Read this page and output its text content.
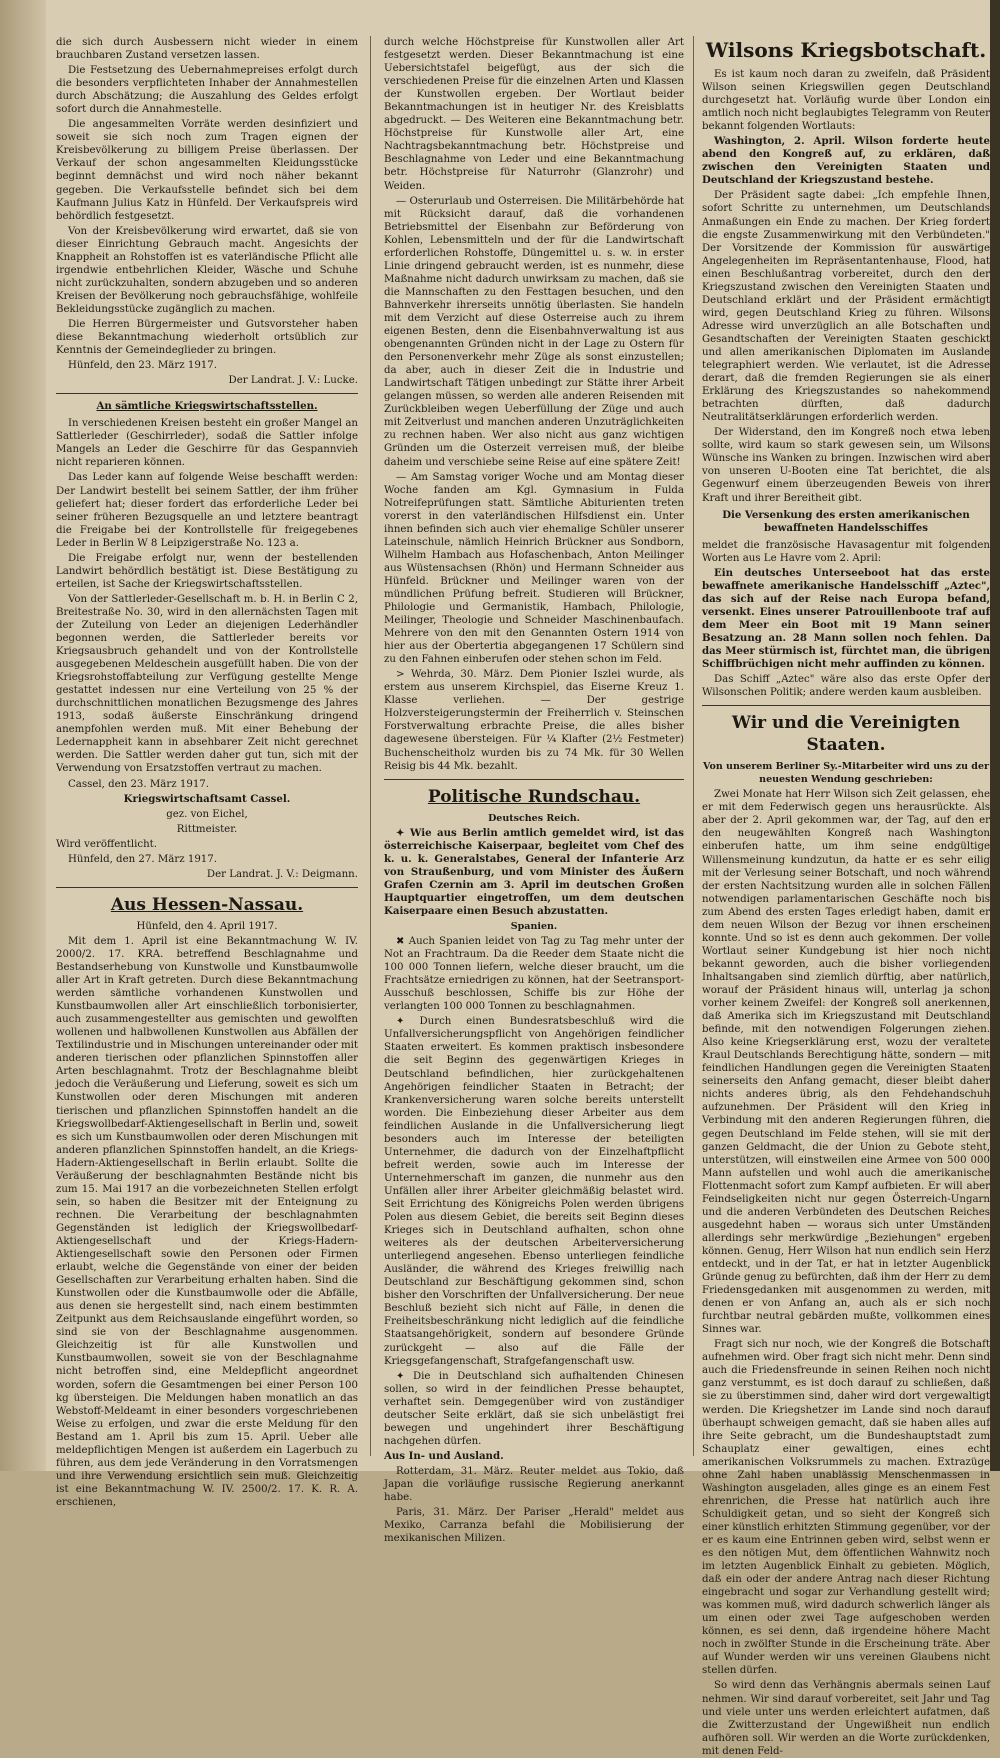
die sich durch Ausbessern nicht wieder in einem brauchbaren Zustand versetzen lassen.

Die Festsetzung des Uebernahmepreises erfolgt durch die besonders verpflichteten Inhaber der Annahmestellen durch Abschätzung; die Auszahlung des Geldes erfolgt sofort durch die Annahmestelle.

Die angesammelten Vorräte werden desinfiziert und soweit sie sich noch zum Tragen eignen der Kreisbevölkerung zu billigem Preise überlassen. Der Verkauf der schon angesammelten Kleidungsstücke beginnt demnächst und wird noch näher bekannt gegeben. Die Verkaufsstelle befindet sich bei dem Kaufmann Julius Katz in Hünfeld. Der Verkaufspreis wird behördlich festgesetzt.

Von der Kreisbevölkerung wird erwartet, daß sie von dieser Einrichtung Gebrauch macht. Angesichts der Knappheit an Rohstoffen ist es vaterländische Pflicht alle irgendwie entbehrlichen Kleider, Wäsche und Schuhe nicht zurückzuhalten, sondern abzugeben und so anderen Kreisen der Bevölkerung noch gebrauchsfähige, wohlfeile Bekleidungsstücke zugänglich zu machen.

Die Herren Bürgermeister und Gutsvorsteher haben diese Bekanntmachung wiederholt ortsüblich zur Kenntnis der Gemeindeglieder zu bringen.

Hünfeld, den 23. März 1917.

Der Landrat. J. V.: Lucke.

An sämtliche Kriegswirtschaftsstellen.

In verschiedenen Kreisen besteht ein großer Mangel an Sattlerleder (Geschirrleder), sodaß die Sattler infolge Mangels an Leder die Geschirre für das Gespannvieh nicht reparieren können.

Das Leder kann auf folgende Weise beschafft werden: Der Landwirt bestellt bei seinem Sattler, der ihm früher geliefert hat; dieser fordert das erforderliche Leder bei seiner früheren Bezugsquelle an und letztere beantragt die Freigabe bei der Kontrollstelle für freigegebenes Leder in Berlin W 8 Leipzigerstraße No. 123 a.

Die Freigabe erfolgt nur, wenn der bestellenden Landwirt behördlich bestätigt ist. Diese Bestätigung zu erteilen, ist Sache der Kriegswirtschaftsstellen.

Von der Sattlerleder-Gesellschaft m. b. H. in Berlin C 2, Breitestraße No. 30, wird in den allernächsten Tagen mit der Zuteilung von Leder an diejenigen Lederhändler begonnen werden, die Sattlerleder bereits vor Kriegsausbruch gehandelt und von der Kontrollstelle ausgegebenen Meldeschein ausgefüllt haben. Die von der Kriegsrohstoffabteilung zur Verfügung gestellte Menge gestattet indessen nur eine Verteilung von 25 % der durchschnittlichen monatlichen Bezugsmenge des Jahres 1913, sodaß äußerste Einschränkung dringend anempfohlen werden muß. Mit einer Behebung der Ledernappheit kann in absehbarer Zeit nicht gerechnet werden. Die Sattler werden daher gut tun, sich mit der Verwendung von Ersatzstoffen vertraut zu machen.

Cassel, den 23. März 1917.

Kriegswirtschaftsamt Cassel.

gez. von Eichel,

Rittmeister.

Wird veröffentlicht.

Hünfeld, den 27. März 1917.

Der Landrat. J. V.: Deigmann.

Aus Hessen-Nassau.

Hünfeld, den 4. April 1917.

Mit dem 1. April ist eine Bekanntmachung W. IV. 2000/2. 17. KRA. betreffend Beschlagnahme und Bestandserhebung von Kunstwolle und Kunstbaumwolle aller Art in Kraft getreten. Durch diese Bekanntmachung werden sämtliche vorhandenen Kunstwollen und Kunstbaumwollen aller Art einschließlich torbonisierter, auch zusammengestellter aus gemischten und gewolften wollenen und halbwollenen Kunstwollen aus Abfällen der Textilindustrie und in Mischungen untereinander oder mit anderen tierischen oder pflanzlichen Spinnstoffen aller Arten beschlagnahmt. Trotz der Beschlagnahme bleibt jedoch die Veräußerung und Lieferung, soweit es sich um Kunstwollen oder deren Mischungen mit anderen tierischen und pflanzlichen Spinnstoffen handelt an die Kriegswollbedarf-Aktiengesellschaft in Berlin und, soweit es sich um Kunstbaumwollen oder deren Mischungen mit anderen pflanzlichen Spinnstoffen handelt, an die Kriegs-Hadern-Aktiengesellschaft in Berlin erlaubt. Sollte die Veräußerung der beschlagnahmten Bestände nicht bis zum 15. Mai 1917 an die vorbezeichneten Stellen erfolgt sein, so haben die Besitzer mit der Enteignung zu rechnen. Die Verarbeitung der beschlagnahmten Gegenständen ist lediglich der Kriegswollbedarf-Aktiengesellschaft und der Kriegs-Hadern-Aktiengesellschaft sowie den Personen oder Firmen erlaubt, welche die Gegenstände von einer der beiden Gesellschaften zur Verarbeitung erhalten haben. Sind die Kunstwollen oder die Kunstbaumwolle oder die Abfälle, aus denen sie hergestellt sind, nach einem bestimmten Zeitpunkt aus dem Reichsauslande eingeführt worden, so sind sie von der Beschlagnahme ausgenommen. Gleichzeitig ist für alle Kunstwollen und Kunstbaumwollen, soweit sie von der Beschlagnahme nicht betroffen sind, eine Meldepflicht angeordnet worden, sofern die Gesamtmengen bei einer Person 100 kg übersteigen. Die Meldungen haben monatlich an das Webstoff-Meldeamt in einer besonders vorgeschriebenen Weise zu erfolgen, und zwar die erste Meldung für den Bestand am 1. April bis zum 15. April. Ueber alle meldepflichtigen Mengen ist außerdem ein Lagerbuch zu führen, aus dem jede Veränderung in den Vorratsmengen und ihre Verwendung ersichtlich sein muß. Gleichzeitig ist eine Bekanntmachung W. IV. 2500/2. 17. K. R. A. erschienen,

durch welche Höchstpreise für Kunstwollen aller Art festgesetzt werden. Dieser Bekanntmachung ist eine Uebersichtstafel beigefügt, aus der sich die verschiedenen Preise für die einzelnen Arten und Klassen der Kunstwollen ergeben. Der Wortlaut beider Bekanntmachungen ist in heutiger Nr. des Kreisblatts abgedruckt. — Des Weiteren eine Bekanntmachung betr. Höchstpreise für Kunstwolle aller Art, eine Nachtragsbekanntmachung betr. Höchstpreise und Beschlagnahme von Leder und eine Bekanntmachung betr. Höchstpreise für Naturrohr (Glanzrohr) und Weiden.

— Osterurlaub und Osterreisen. Die Militärbehörde hat mit Rücksicht darauf, daß die vorhandenen Betriebsmittel der Eisenbahn zur Beförderung von Kohlen, Lebensmitteln und der für die Landwirtschaft erforderlichen Rohstoffe, Düngemittel u. s. w. in erster Linie dringend gebraucht werden, ist es nunmehr, diese Maßnahme nicht dadurch unwirksam zu machen, daß sie die Mannschaften zu den Festtagen besuchen, und den Bahnverkehr ihrerseits unnötig überlasten. Sie handeln mit dem Verzicht auf diese Osterreise auch zu ihrem eigenen Besten, denn die Eisenbahnverwaltung ist aus obengenannten Gründen nicht in der Lage zu Ostern für den Personenverkehr mehr Züge als sonst einzustellen; da aber, auch in dieser Zeit die in Industrie und Landwirtschaft Tätigen unbedingt zur Stätte ihrer Arbeit gelangen müssen, so werden alle anderen Reisenden mit Zurückbleiben wegen Ueberfüllung der Züge und auch mit Zeitverlust und manchen anderen Unzuträglichkeiten zu rechnen haben. Wer also nicht aus ganz wichtigen Gründen um die Osterzeit verreisen muß, der bleibe daheim und verschiebe seine Reise auf eine spätere Zeit!

— Am Samstag voriger Woche und am Montag dieser Woche fanden am Kgl. Gymnasium in Fulda Notreifeprüfungen statt. Sämtliche Abiturienten treten vorerst in den vaterländischen Hilfsdienst ein. Unter ihnen befinden sich auch vier ehemalige Schüler unserer Lateinschule, nämlich Heinrich Brückner aus Sondborn, Wilhelm Hambach aus Hofaschenbach, Anton Meilinger aus Wüstensachsen (Rhön) und Hermann Schneider aus Hünfeld. Brückner und Meilinger waren von der mündlichen Prüfung befreit. Studieren will Brückner, Philologie und Germanistik, Hambach, Philologie, Meilinger, Theologie und Schneider Maschinenbaufach. Mehrere von den mit den Genannten Ostern 1914 von hier aus der Obertertia abgegangenen 17 Schülern sind zu den Fahnen einberufen oder stehen schon im Feld.

> Wehrda, 30. März. Dem Pionier Iszlei wurde, als erstem aus unserem Kirchspiel, das Eiserne Kreuz 1. Klasse verliehen. — Der gestrige Holzversteigerungstermin der Freiherrlich v. Steinschen Forstverwaltung erbrachte Preise, die alles bisher dagewesene übersteigen. Für ¼ Klafter (2½ Festmeter) Buchenscheitholz wurden bis zu 74 Mk. für 30 Wellen Reisig bis 44 Mk. bezahlt.

Politische Rundschau.

Deutsches Reich.

✦ Wie aus Berlin amtlich gemeldet wird, ist das österreichische Kaiserpaar, begleitet vom Chef des k. u. k. Generalstabes, General der Infanterie Arz von Straußenburg, und vom Minister des Äußern Grafen Czernin am 3. April im deutschen Großen Hauptquartier eingetroffen, um dem deutschen Kaiserpaare einen Besuch abzustatten.

Spanien.

✖ Auch Spanien leidet von Tag zu Tag mehr unter der Not an Frachtraum. Da die Reeder dem Staate nicht die 100 000 Tonnen liefern, welche dieser braucht, um die Frachtsätze erniedrigen zu können, hat der Seetransport-Ausschuß beschlossen, Schiffe bis zur Höhe der verlangten 100 000 Tonnen zu beschlagnahmen.

✦ Durch einen Bundesratsbeschluß wird die Unfallversicherungspflicht von Angehörigen feindlicher Staaten erweitert. Es kommen praktisch insbesondere die seit Beginn des gegenwärtigen Krieges in Deutschland befindlichen, hier zurückgehaltenen Angehörigen feindlicher Staaten in Betracht; der Krankenversicherung waren solche bereits unterstellt worden. Die Einbeziehung dieser Arbeiter aus dem feindlichen Auslande in die Unfallversicherung liegt besonders auch im Interesse der beteiligten Unternehmer, die dadurch von der Einzelhaftpflicht befreit werden, sowie auch im Interesse der Unternehmerschaft im ganzen, die nunmehr aus den Unfällen aller ihrer Arbeiter gleichmäßig belastet wird. Seit Errichtung des Königreichs Polen werden übrigens Polen aus diesem Gebiet, die bereits seit Beginn dieses Krieges sich in Deutschland aufhalten, schon ohne weiteres als der deutschen Arbeiterversicherung unterliegend angesehen. Ebenso unterliegen feindliche Ausländer, die während des Krieges freiwillig nach Deutschland zur Beschäftigung gekommen sind, schon bisher den Vorschriften der Unfallversicherung. Der neue Beschluß bezieht sich nicht auf Fälle, in denen die Freiheitsbeschränkung nicht lediglich auf die feindliche Staatsangehörigkeit, sondern auf besondere Gründe zurückgeht — also auf die Fälle der Kriegsgefangenschaft, Strafgefangenschaft usw.

✦ Die in Deutschland sich aufhaltenden Chinesen sollen, so wird in der feindlichen Presse behauptet, verhaftet sein. Demgegenüber wird von zuständiger deutscher Seite erklärt, daß sie sich unbelästigt frei bewegen und ungehindert ihrer Beschäftigung nachgehen dürfen.

Aus In- und Ausland.

Rotterdam, 31. März. Reuter meldet aus Tokio, daß Japan die vorläufige russische Regierung anerkannt habe.

Paris, 31. März. Der Pariser „Herald" meldet aus Mexiko, Carranza befahl die Mobilisierung der mexikanischen Milizen.

Wilsons Kriegsbotschaft.

Es ist kaum noch daran zu zweifeln, daß Präsident Wilson seinen Kriegswillen gegen Deutschland durchgesetzt hat. Vorläufig wurde über London ein amtlich noch nicht beglaubigtes Telegramm von Reuter bekannt folgenden Wortlauts:

Washington, 2. April. Wilson forderte heute abend den Kongreß auf, zu erklären, daß zwischen den Vereinigten Staaten und Deutschland der Kriegszustand bestehe.

Der Präsident sagte dabei: „Ich empfehle Ihnen, sofort Schritte zu unternehmen, um Deutschlands Anmaßungen ein Ende zu machen. Der Krieg fordert die engste Zusammenwirkung mit den Verbündeten." Der Vorsitzende der Kommission für auswärtige Angelegenheiten im Repräsentantenhause, Flood, hat einen Beschlußantrag vorbereitet, durch den der Kriegszustand zwischen den Vereinigten Staaten und Deutschland erklärt und der Präsident ermächtigt wird, gegen Deutschland Krieg zu führen. Wilsons Adresse wird unverzüglich an alle Botschaften und Gesandtschaften der Vereinigten Staaten geschickt und allen amerikanischen Diplomaten im Auslande telegraphiert werden. Wie verlautet, ist die Adresse derart, daß die fremden Regierungen sie als einer Erklärung des Kriegszustandes so nahekommend betrachten dürften, daß dadurch Neutralitätserklärungen erforderlich werden.

Der Widerstand, den im Kongreß noch etwa leben sollte, wird kaum so stark gewesen sein, um Wilsons Wünsche ins Wanken zu bringen. Inzwischen wird aber von unseren U-Booten eine Tat berichtet, die als Gegenwurf einem überzeugenden Beweis von ihrer Kraft und ihrer Bereitheit gibt.

Die Versenkung des ersten amerikanischen bewaffneten Handelsschiffes

meldet die französische Havasagentur mit folgenden Worten aus Le Havre vom 2. April:

Ein deutsches Unterseeboot hat das erste bewaffnete amerikanische Handelsschiff „Aztec", das sich auf der Reise nach Europa befand, versenkt. Eines unserer Patrouillenboote traf auf dem Meer ein Boot mit 19 Mann seiner Besatzung an. 28 Mann sollen noch fehlen. Da das Meer stürmisch ist, fürchtet man, die übrigen Schiffbrüchigen nicht mehr auffinden zu können.

Das Schiff „Aztec" wäre also das erste Opfer der Wilsonschen Politik; andere werden kaum ausbleiben.

Wir und die Vereinigten Staaten.

Von unserem Berliner Sy.-Mitarbeiter wird uns zu der neuesten Wendung geschrieben:

Zwei Monate hat Herr Wilson sich Zeit gelassen, ehe er mit dem Federwisch gegen uns herausrückte. Als aber der 2. April gekommen war, der Tag, auf den er den neugewählten Kongreß nach Washington einberufen hatte, um ihm seine endgültige Willensmeinung kundzutun, da hatte er es sehr eilig mit der Verlesung seiner Botschaft, und noch während der ersten Nachtsitzung wurden alle in solchen Fällen notwendigen parlamentarischen Geschäfte noch bis zum Abend des ersten Tages erledigt haben, damit er dem neuen Wilson der Bezug vor ihnen erscheinen konnte. Und so ist es denn auch gekommen. Der volle Wortlaut seiner Kundgebung ist hier noch nicht bekannt geworden, auch die bisher vorliegenden Inhaltsangaben sind ziemlich dürftig, aber natürlich, worauf der Präsident hinaus will, unterlag ja schon vorher keinem Zweifel: der Kongreß soll anerkennen, daß Amerika sich im Kriegszustand mit Deutschland befinde, mit den notwendigen Folgerungen ziehen. Also keine Kriegserklärung erst, wozu der veraltete Kraul Deutschlands Berechtigung hätte, sondern — mit feindlichen Handlungen gegen die Vereinigten Staaten seinerseits den Anfang gemacht, dieser bleibt daher nichts anderes übrig, als den Fehdehandschuh aufzunehmen. Der Präsident will den Krieg in Verbindung mit den anderen Regierungen führen, die gegen Deutschland im Felde stehen, will sie mit der ganzen Geldmacht, die der Union zu Gebote steht, unterstützen, will einstweilen eine Armee von 500 000 Mann aufstellen und wohl auch die amerikanische Flottenmacht sofort zum Kampf aufbieten. Er will aber Feindseligkeiten nicht nur gegen Österreich-Ungarn und die anderen Verbündeten des Deutschen Reiches ausgedehnt haben — woraus sich unter Umständen allerdings sehr merkwürdige „Beziehungen" ergeben können. Genug, Herr Wilson hat nun endlich sein Herz entdeckt, und in der Tat, er hat in letzter Augenblick Gründe genug zu befürchten, daß ihm der Herr zu dem Friedensgedanken mit ausgenommen zu werden, mit denen er von Anfang an, auch als er sich noch furchtbar neutral gebärden mußte, vollkommen eines Sinnes war.

Fragt sich nur noch, wie der Kongreß die Botschaft aufnehmen wird. Ober fragt sich nicht mehr. Denn sind auch die Friedensfreunde in seinen Reihen noch nicht ganz verstummt, es ist doch darauf zu schließen, daß sie zu überstimmen sind, daher wird dort vergewaltigt werden. Die Kriegshetzer im Lande sind noch darauf überhaupt schweigen gemacht, daß sie haben alles auf ihre Seite gebracht, um die Bundeshauptstadt zum Schauplatz einer gewaltigen, eines echt amerikanischen Volksrummels zu machen. Extrazüge ohne Zahl haben unablässig Menschenmassen in Washington ausgeladen, alles ginge es an einem Fest ehrenrichen, die Presse hat natürlich auch ihre Schuldigkeit getan, und so sieht der Kongreß sich einer künstlich erhitzten Stimmung gegenüber, vor der er es kaum eine Entrinnen geben wird, selbst wenn er es den nötigen Mut, dem öffentlichen Wahnwitz noch im letzten Augenblick Einhalt zu gebieten. Möglich, daß ein oder der andere Antrag nach dieser Richtung eingebracht und sogar zur Verhandlung gestellt wird; was kommen muß, wird dadurch schwerlich länger als um einen oder zwei Tage aufgeschoben werden können, es sei denn, daß irgendeine höhere Macht noch in zwölfter Stunde in die Erscheinung träte. Aber auf Wunder werden wir uns vereinen Glaubens nicht stellen dürfen.

So wird denn das Verhängnis abermals seinen Lauf nehmen. Wir sind darauf vorbereitet, seit Jahr und Tag und viele unter uns werden erleichtert aufatmen, daß die Zwitterzustand der Ungewißheit nun endlich aufhören soll. Wir werden an die Worte zurückdenken, mit denen Feld-
